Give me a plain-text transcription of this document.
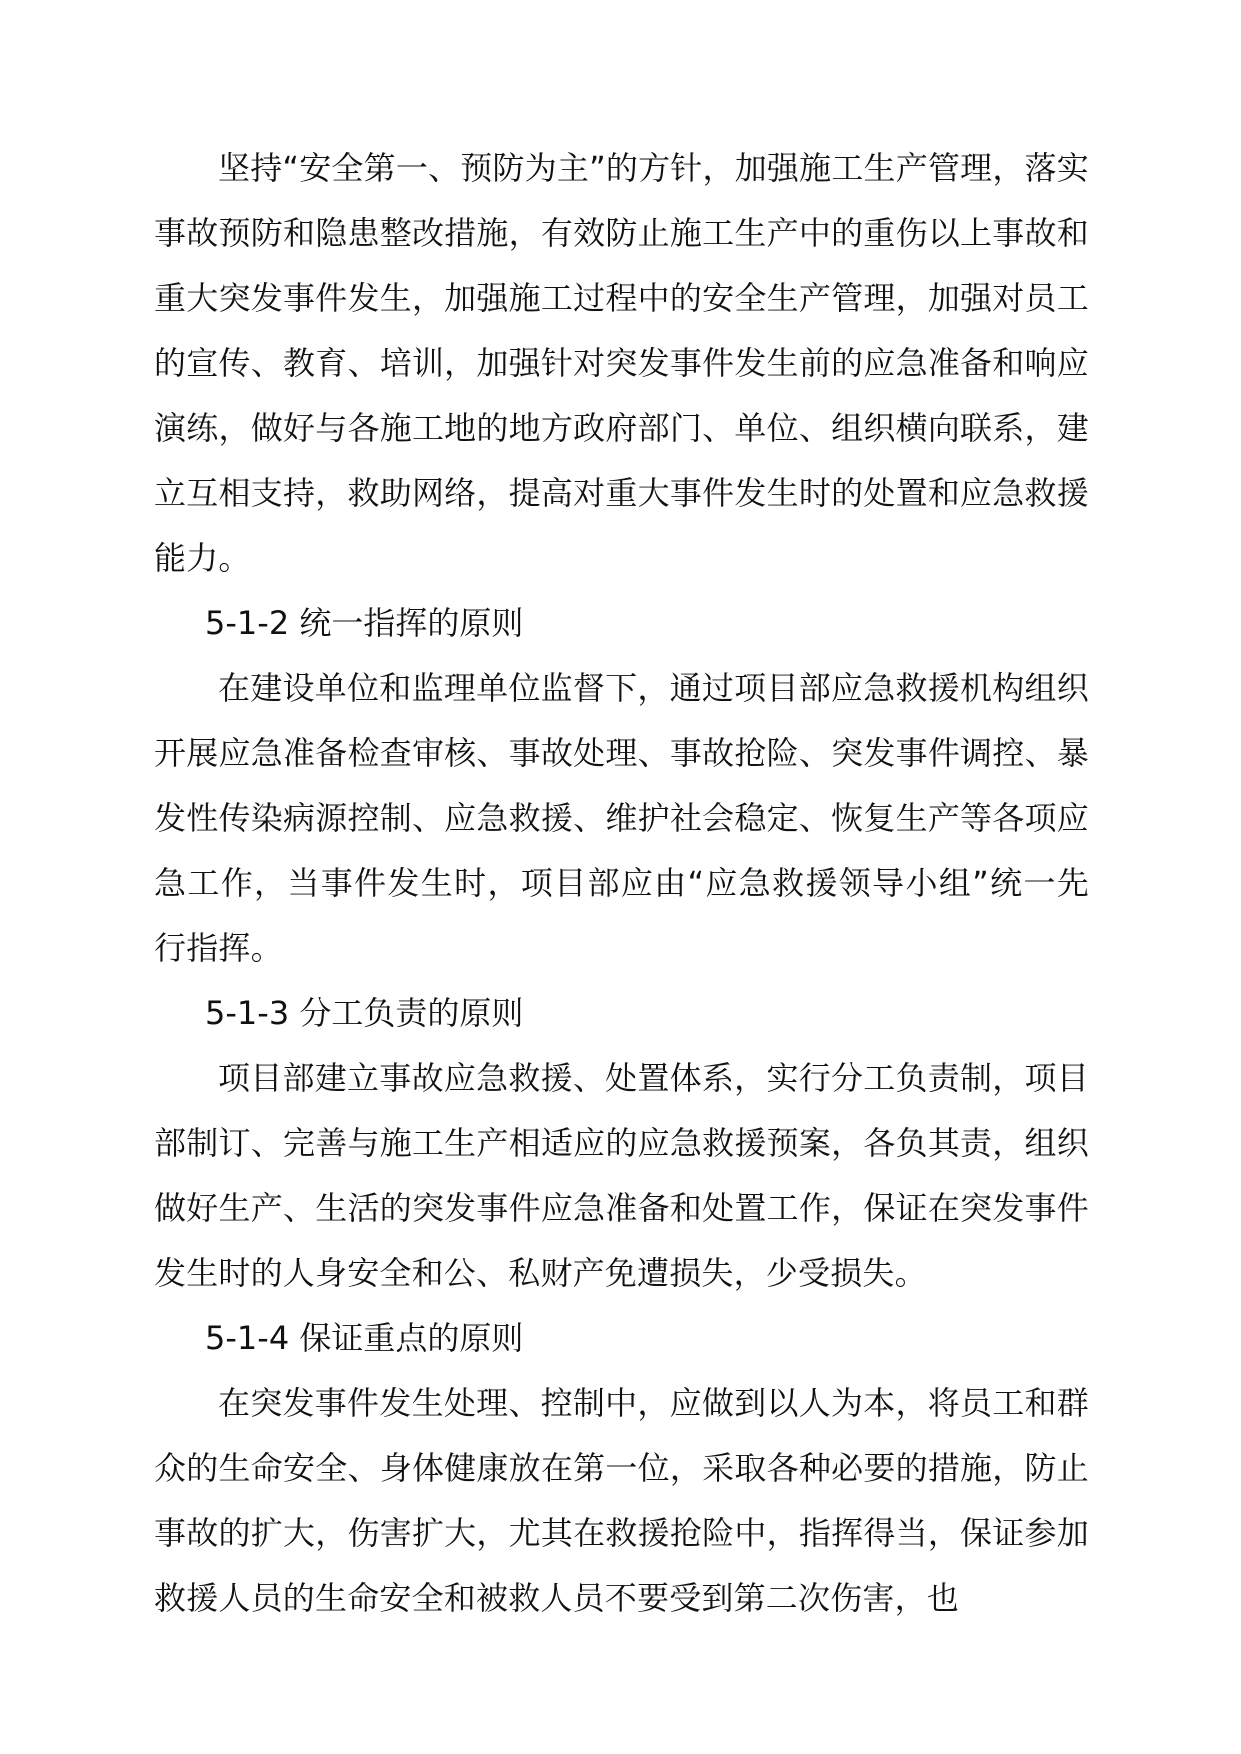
坚持“安全第一、预防为主”的方针，加强施工生产管理，落实事故预防和隐患整改措施，有效防止施工生产中的重伤以上事故和重大突发事件发生，加强施工过程中的安全生产管理，加强对员工的宣传、教育、培训，加强针对突发事件发生前的应急准备和响应演练，做好与各施工地的地方政府部门、单位、组织横向联系，建立互相支持，救助网络，提高对重大事件发生时的处置和应急救援能力。

5-1-2 统一指挥的原则

在建设单位和监理单位监督下，通过项目部应急救援机构组织开展应急准备检查审核、事故处理、事故抢险、突发事件调控、暴发性传染病源控制、应急救援、维护社会稳定、恢复生产等各项应急工作，当事件发生时，项目部应由“应急救援领导小组”统一先行指挥。

5-1-3 分工负责的原则

项目部建立事故应急救援、处置体系，实行分工负责制，项目部制订、完善与施工生产相适应的应急救援预案，各负其责，组织做好生产、生活的突发事件应急准备和处置工作，保证在突发事件发生时的人身安全和公、私财产免遭损失，少受损失。

5-1-4 保证重点的原则

在突发事件发生处理、控制中，应做到以人为本，将员工和群众的生命安全、身体健康放在第一位，采取各种必要的措施，防止事故的扩大，伤害扩大，尤其在救援抢险中，指挥得当，保证参加救援人员的生命安全和被救人员不要受到第二次伤害，也
